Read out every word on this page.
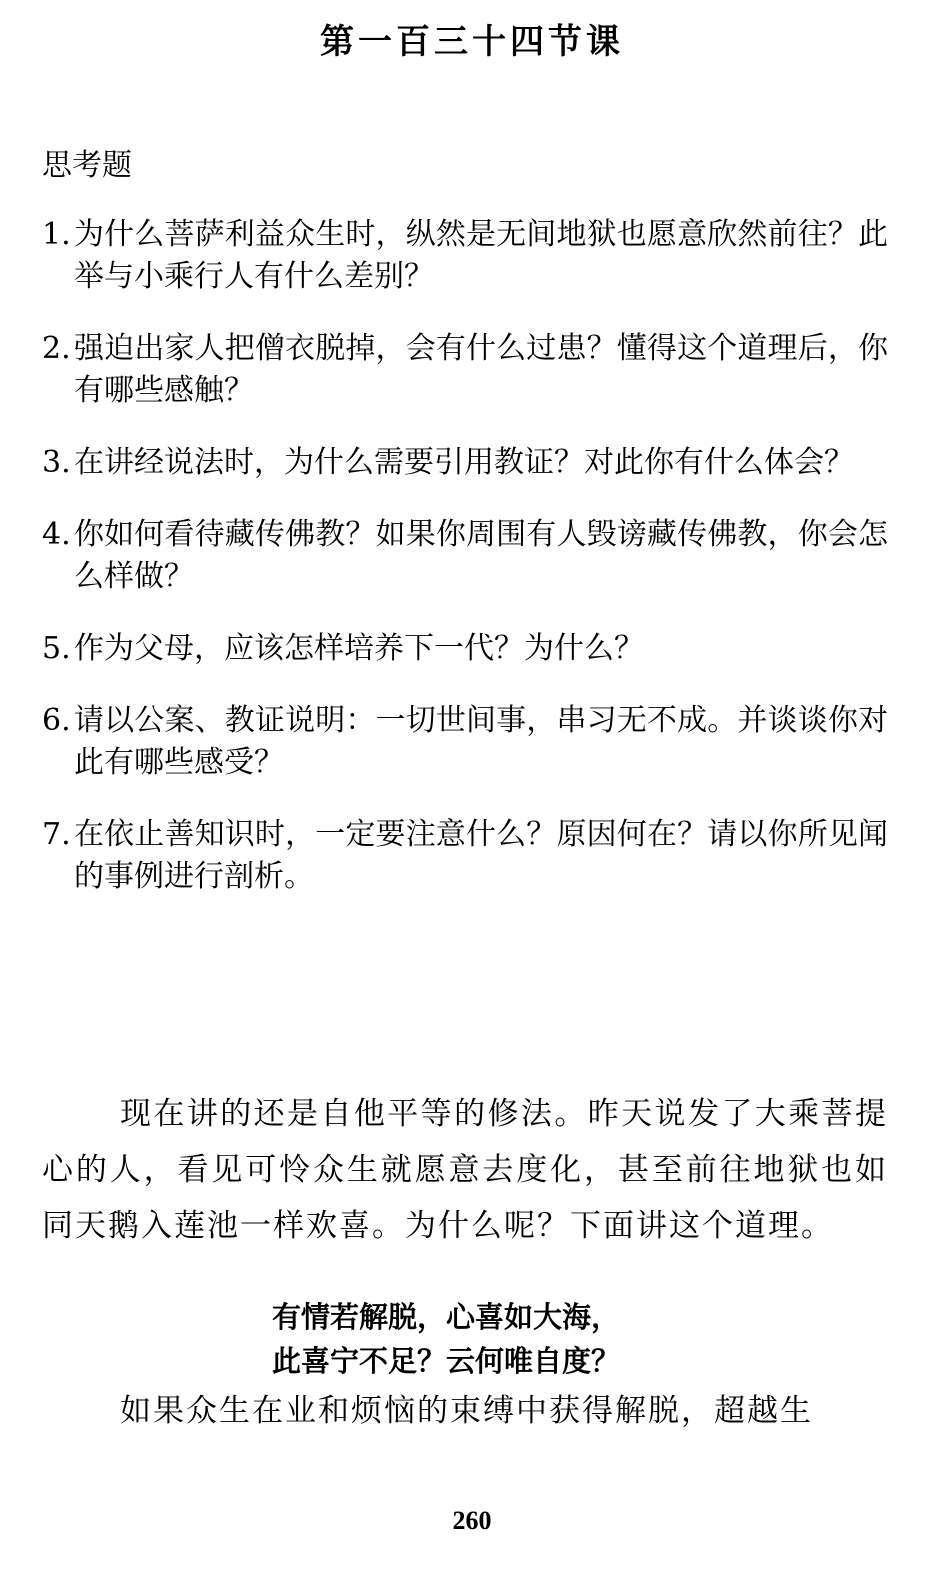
第一百三十四节课
思考题
1. 为什么菩萨利益众生时，纵然是无间地狱也愿意欣然前往？此举与小乘行人有什么差别？
2. 强迫出家人把僧衣脱掉，会有什么过患？懂得这个道理后，你有哪些感触？
3. 在讲经说法时，为什么需要引用教证？对此你有什么体会？
4. 你如何看待藏传佛教？如果你周围有人毁谤藏传佛教，你会怎么样做？
5. 作为父母，应该怎样培养下一代？为什么？
6. 请以公案、教证说明：一切世间事，串习无不成。并谈谈你对此有哪些感受？
7. 在依止善知识时，一定要注意什么？原因何在？请以你所见闻的事例进行剖析。
现在讲的还是自他平等的修法。昨天说发了大乘菩提心的人，看见可怜众生就愿意去度化，甚至前往地狱也如同天鹅入莲池一样欢喜。为什么呢？下面讲这个道理。
有情若解脱，心喜如大海，
此喜宁不足？云何唯自度？
如果众生在业和烦恼的束缚中获得解脱，超越生
260
